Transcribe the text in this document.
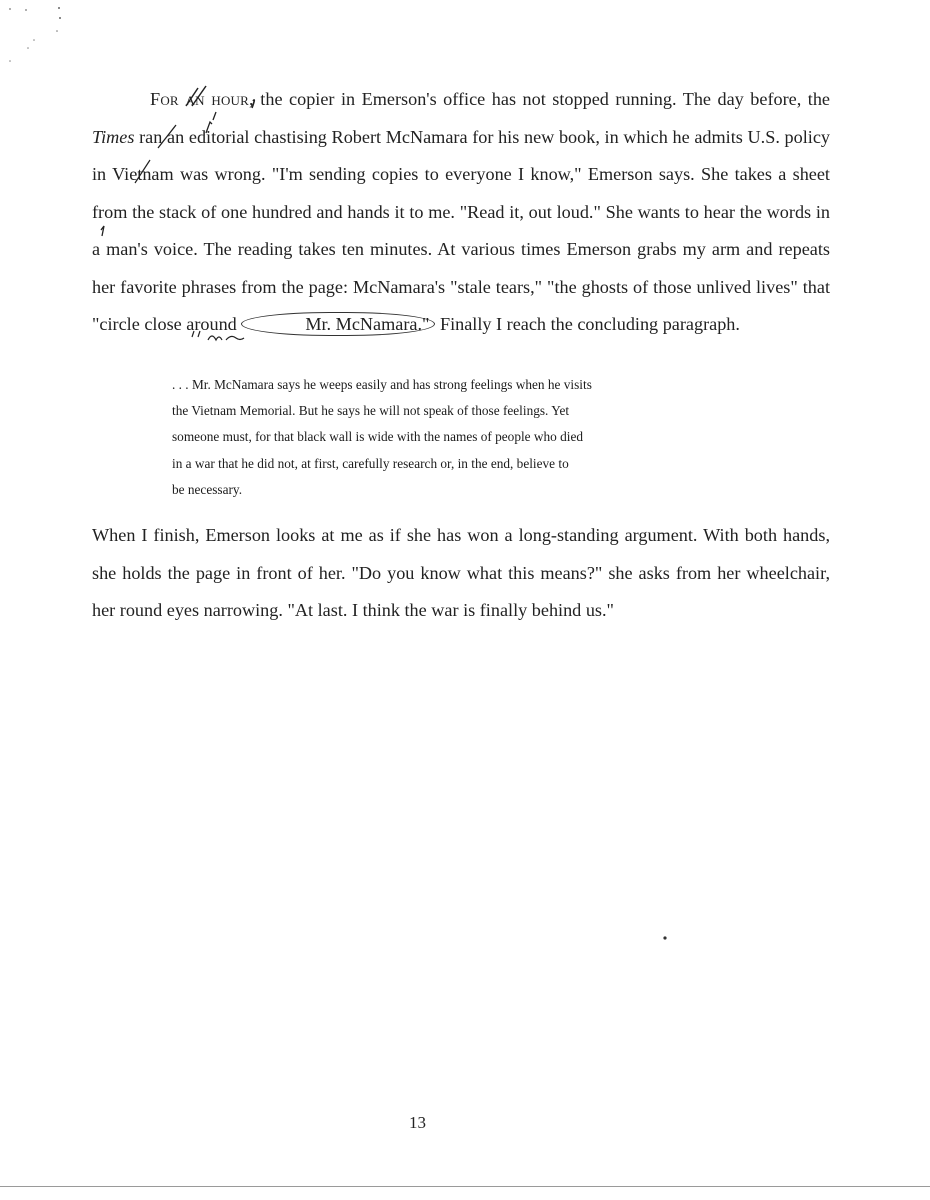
For an hour, the copier in Emerson's office has not stopped running. The day before, the Times ran an editorial chastising Robert McNamara for his new book, in which he admits U.S. policy in Vietnam was wrong. "I'm sending copies to everyone I know," Emerson says. She takes a sheet from the stack of one hundred and hands it to me. "Read it, out loud." She wants to hear the words in a man's voice. The reading takes ten minutes. At various times Emerson grabs my arm and repeats her favorite phrases from the page: McNamara's "stale tears," "the ghosts of those unlived lives" that "circle close around	Mr. McNamara." Finally I reach the concluding paragraph.

. . . Mr. McNamara says he weeps easily and has strong feelings when he visits

the Vietnam Memorial. But he says he will not speak of those feelings. Yet

someone must, for that black wall is wide with the names of people who died

in a war that he did not, at first, carefully research or, in the end, believe to

be necessary.

When I finish, Emerson looks at me as if she has won a long-standing argument. With both hands, she holds the page in front of her. "Do you know what this means?" she asks from her wheelchair, her round eyes narrowing. "At last. I think the war is finally behind us."
13
